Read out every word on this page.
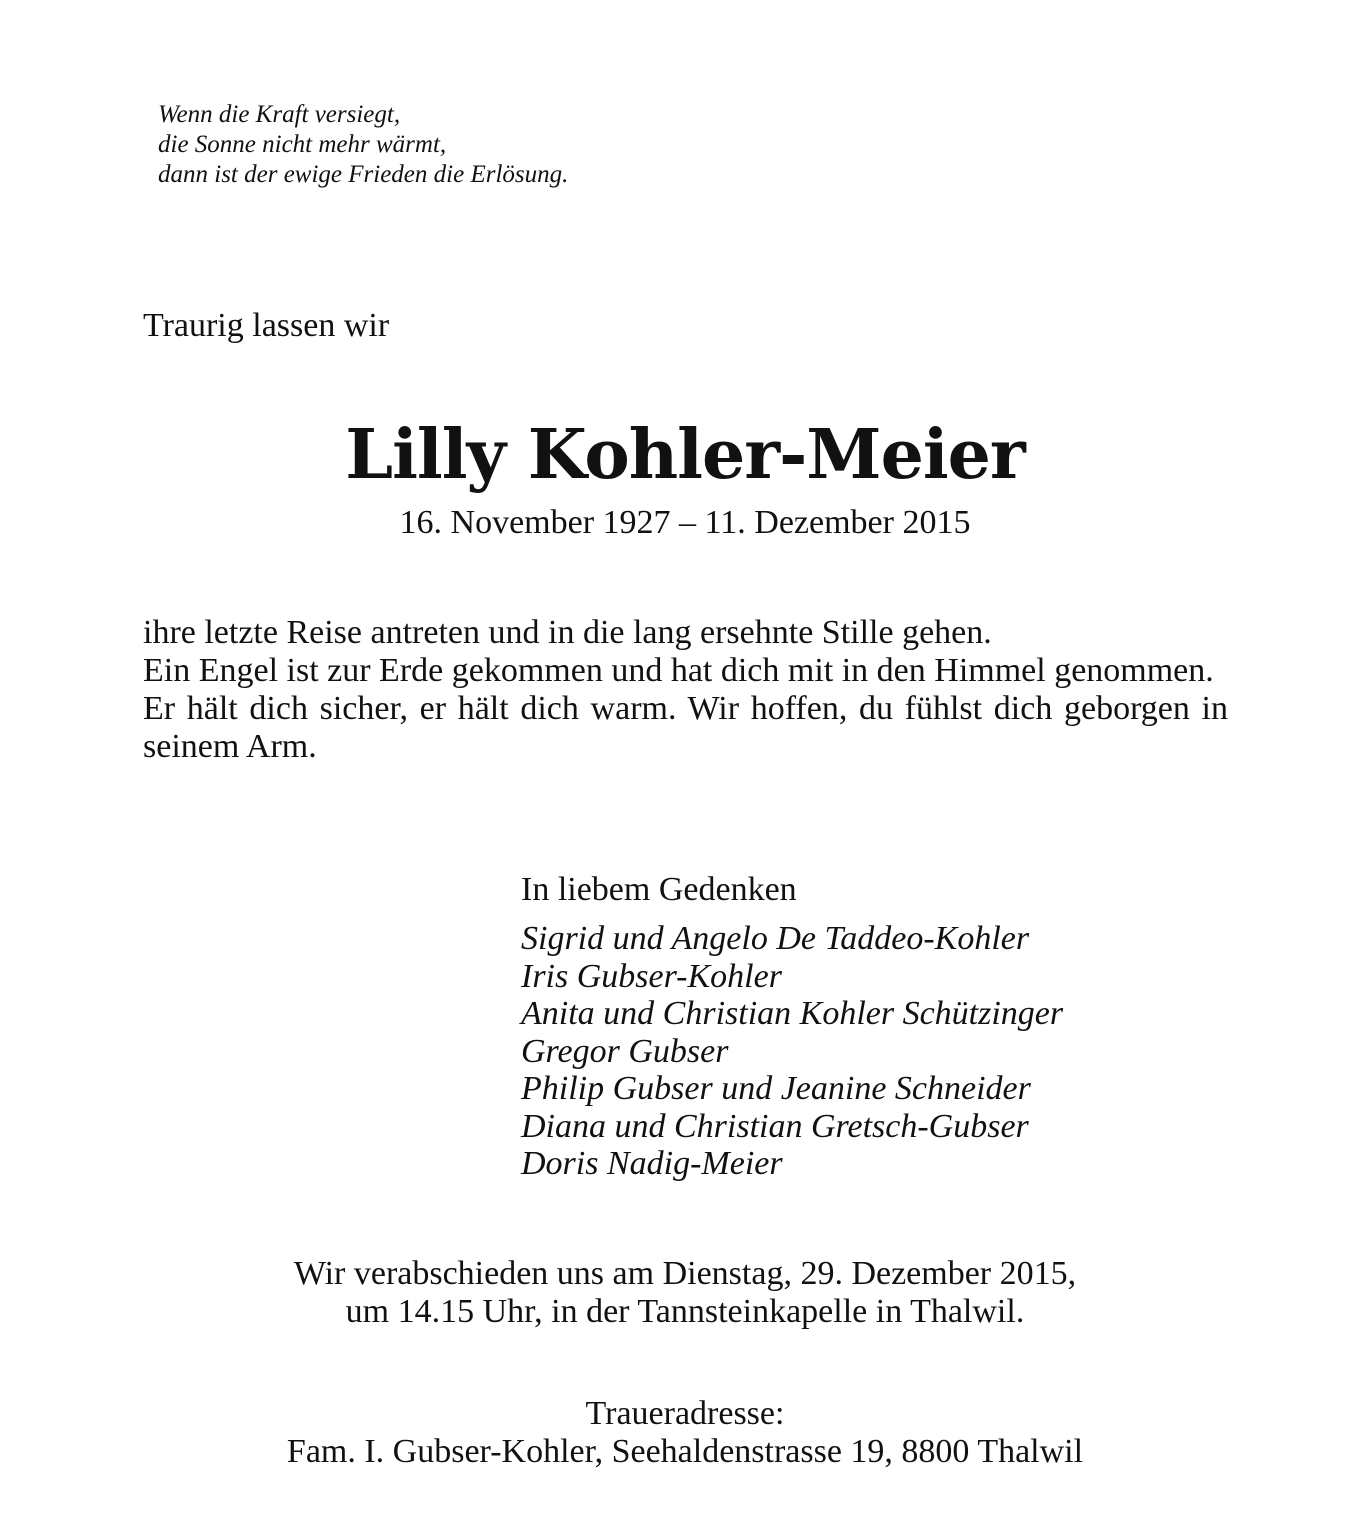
Wenn die Kraft versiegt,
die Sonne nicht mehr wärmt,
dann ist der ewige Frieden die Erlösung.
Traurig lassen wir
Lilly Kohler-Meier
16. November 1927 – 11. Dezember 2015
ihre letzte Reise antreten und in die lang ersehnte Stille gehen.
Ein Engel ist zur Erde gekommen und hat dich mit in den Himmel genommen.
Er hält dich sicher, er hält dich warm. Wir hoffen, du fühlst dich geborgen in seinem Arm.
In liebem Gedenken
Sigrid und Angelo De Taddeo-Kohler
Iris Gubser-Kohler
Anita und Christian Kohler Schützinger
Gregor Gubser
Philip Gubser und Jeanine Schneider
Diana und Christian Gretsch-Gubser
Doris Nadig-Meier
Wir verabschieden uns am Dienstag, 29. Dezember 2015,
um 14.15 Uhr, in der Tannsteinkapelle in Thalwil.
Traueradresse:
Fam. I. Gubser-Kohler, Seehaldenstrasse 19, 8800 Thalwil
